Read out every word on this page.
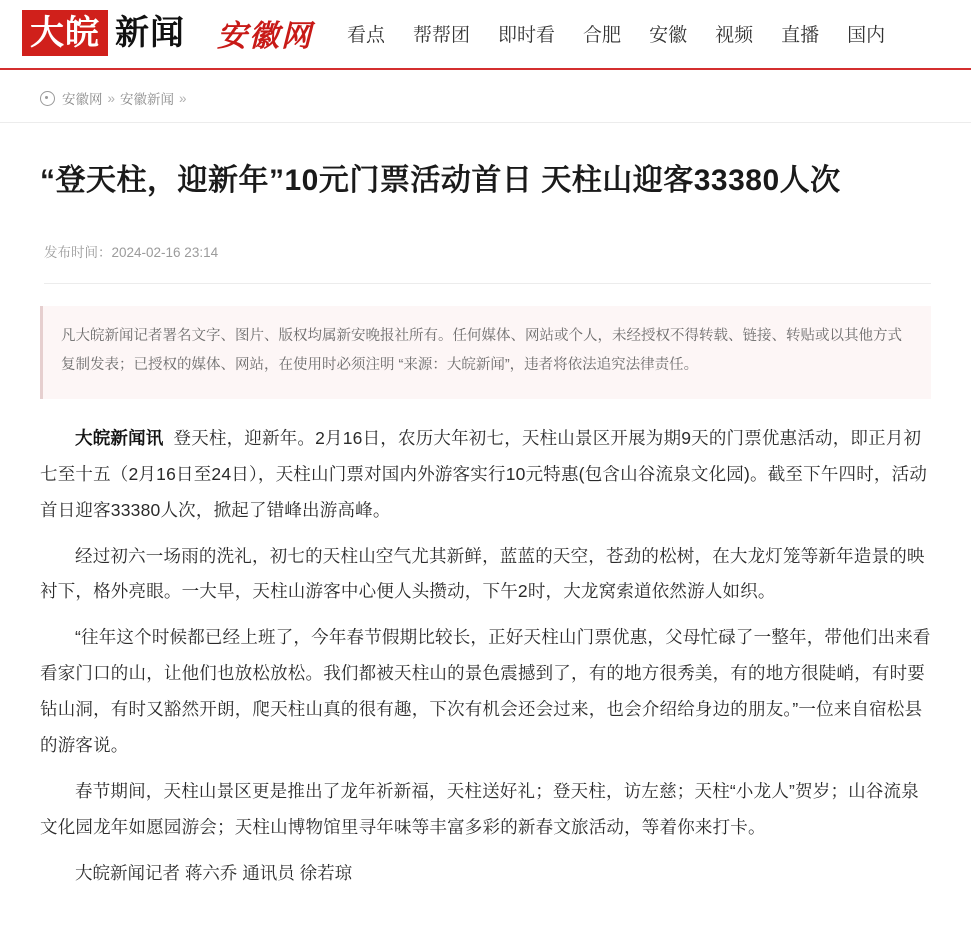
大皖 新闻 安徽网 看点 帮帮团 即时看 合肥 安徽 视频 直播 国内
安徽网 » 安徽新闻 »
“登天柱，迎新年”10元门票活动首日 天柱山迎客33380人次
发布时间：2024-02-16 23:14
凡大皖新闻记者署名文字、图片、版权均属新安晚报社所有。任何媒体、网站或个人，未经授权不得转载、链接、转贴或以其他方式复制发表；已授权的媒体、网站，在使用时必须注明 “来源：大皖新闻”，违者将依法追究法律责任。

大皖新闻讯 登天柱，迎新年。2月16日，农历大年初七，天柱山景区开展为期9天的门票优惠活动，即正月初七至十五（2月16日至24日），天柱山门票对国内外游客实行10元特惠(包含山谷流泉文化园)。截至下午四时，活动首日迎客33380人次，掀起了错峰出游高峰。

经过初六一场雨的洗礼，初七的天柱山空气尤其新鲜，蓝蓝的天空，苍劲的松树，在大龙灯笼等新年造景的映衬下，格外亮眼。一大早，天柱山游客中心便人头攒动，下午2时，大龙窝索道依然游人如织。

“往年这个时候都已经上班了，今年春节假期比较长，正好天柱山门票优惠，父母忙碌了一整年，带他们出来看看家门口的山，让他们也放松放松。我们都被天柱山的景色震撼到了，有的地方很秀美，有的地方很陡峭，有时要钻山洞，有时又豁然开朗，爬天柱山真的很有趣，下次有机会还会过来，也会介绍给身边的朋友。”一位来自宿松县的游客说。

春节期间，天柱山景区更是推出了龙年祈新福，天柱送好礼；登天柱，访左慈；天柱“小龙人”贺岁；山谷流泉文化园龙年如愿园游会；天柱山博物馆里寻年味等丰富多彩的新春文旅活动，等着你来打卡。

大皖新闻记者 蒋六乔 通讯员 徐若琼
